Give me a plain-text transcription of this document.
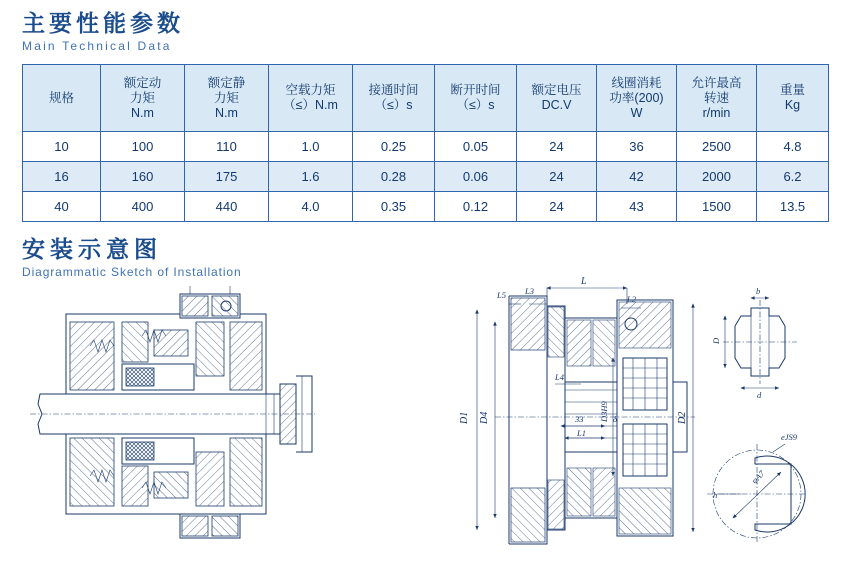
主要性能参数
Main Technical Data
规格	额定动
力矩
N.m	额定静
力矩
N.m	空载力矩
（≤）N.m	接通时间
（≤）s	断开时间
（≤）s	额定电压
DC.V	线圈消耗
功率(200)
W	允许最高
转速
r/min	重量
Kg

10	100	110	1.0	0.25	0.05	24	36	2500	4.8
16	160	175	1.6	0.28	0.06	24	42	2000	6.2
40	400	440	4.0	0.35	0.12	24	43	1500	13.5
安装示意图
Diagrammatic Sketch of Installation
L
L5 L3
L2
L4
33
L1
δ
D1 D4	D3H9	D2
b
D
d
eJS9
φA7
h
